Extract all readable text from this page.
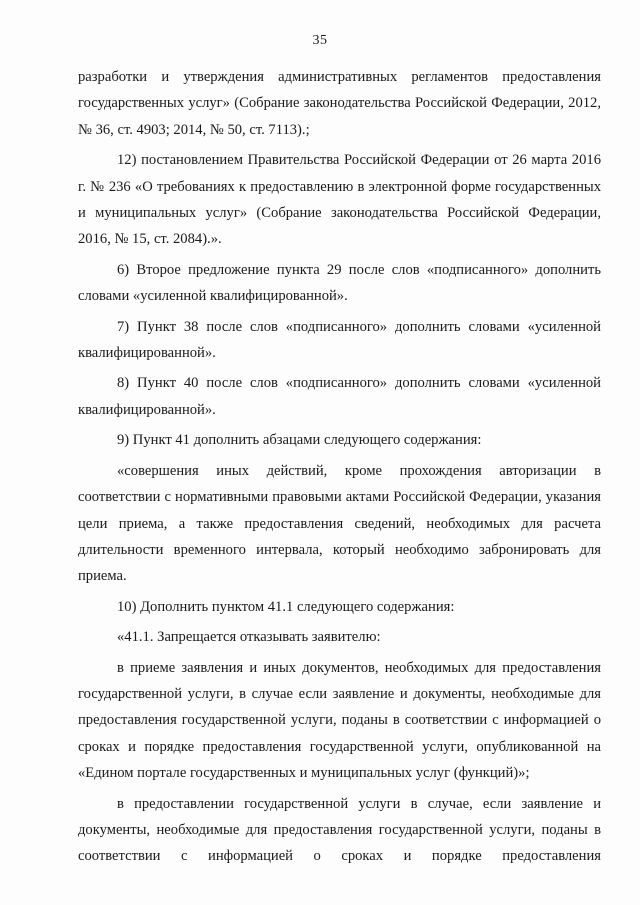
35

разработки и утверждения административных регламентов предоставления государственных услуг» (Собрание законодательства Российской Федерации, 2012, № 36, ст. 4903; 2014, № 50, ст. 7113).;

12) постановлением Правительства Российской Федерации от 26 марта 2016 г. № 236 «О требованиях к предоставлению в электронной форме государственных и муниципальных услуг» (Собрание законодательства Российской Федерации, 2016, № 15, ст. 2084).».

6) Второе предложение пункта 29 после слов «подписанного» дополнить словами «усиленной квалифицированной».

7) Пункт 38 после слов «подписанного» дополнить словами «усиленной квалифицированной».

8) Пункт 40 после слов «подписанного» дополнить словами «усиленной квалифицированной».

9) Пункт 41 дополнить абзацами следующего содержания:

«совершения иных действий, кроме прохождения авторизации в соответствии с нормативными правовыми актами Российской Федерации, указания цели приема, а также предоставления сведений, необходимых для расчета длительности временного интервала, который необходимо забронировать для приема.

10) Дополнить пунктом 41.1 следующего содержания:

«41.1. Запрещается отказывать заявителю:

в приеме заявления и иных документов, необходимых для предоставления государственной услуги, в случае если заявление и документы, необходимые для предоставления государственной услуги, поданы в соответствии с информацией о сроках и порядке предоставления государственной услуги, опубликованной на «Едином портале государственных и муниципальных услуг (функций)»;

в предоставлении государственной услуги в случае, если заявление и документы, необходимые для предоставления государственной услуги, поданы в соответствии с информацией о сроках и порядке предоставления
